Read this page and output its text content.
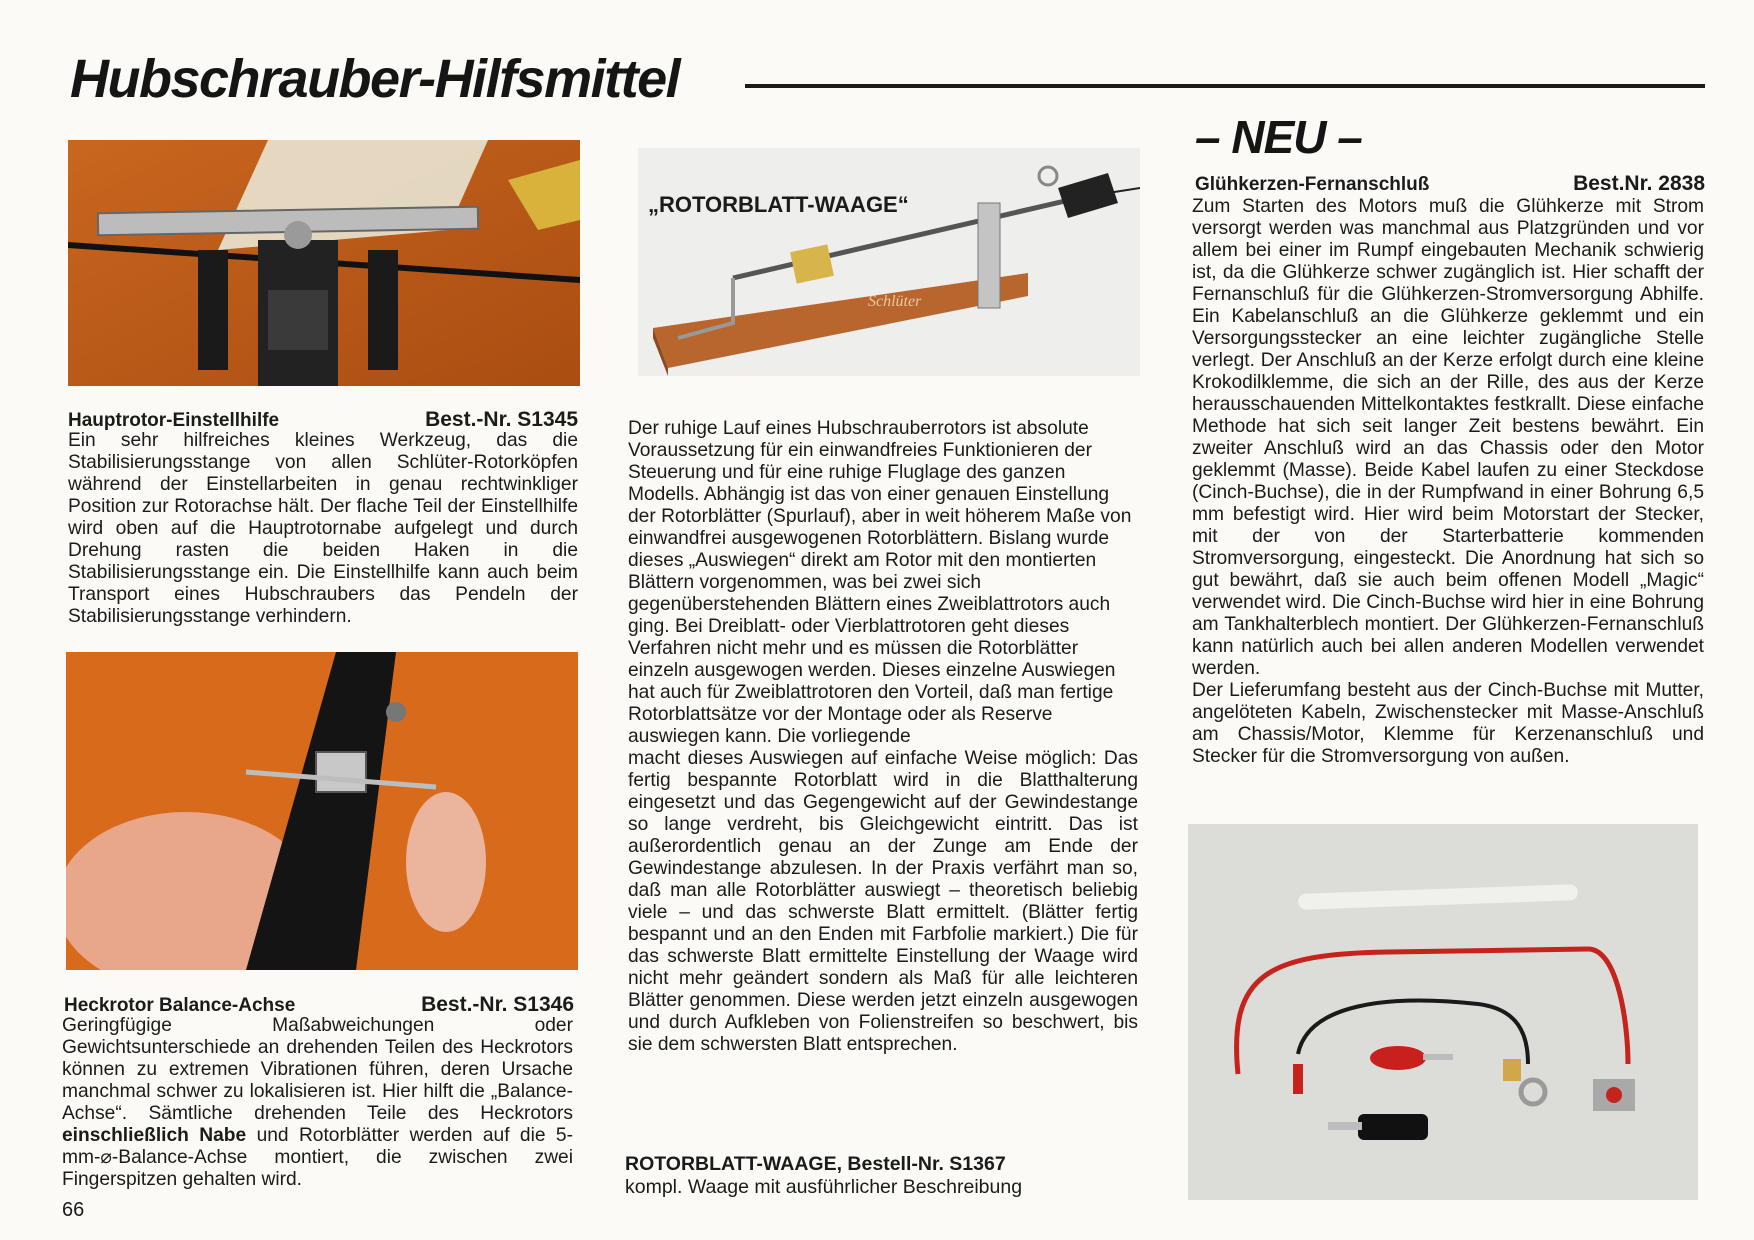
Hubschrauber-Hilfsmittel
Hauptrotor-Einstellhilfe	Best.-Nr. S1345
Ein sehr hilfreiches kleines Werkzeug, das die Stabilisierungsstange von allen Schlüter-Rotorköpfen während der Einstellarbeiten in genau rechtwinkliger Position zur Rotorachse hält. Der flache Teil der Einstellhilfe wird oben auf die Hauptrotornabe aufgelegt und durch Drehung rasten die beiden Haken in die Stabilisierungsstange ein. Die Einstellhilfe kann auch beim Transport eines Hubschraubers das Pendeln der Stabilisierungsstange verhindern.
Heckrotor Balance-Achse	Best.-Nr. S1346
Geringfügige Maßabweichungen oder Gewichtsunterschiede an drehenden Teilen des Heckrotors können zu extremen Vibrationen führen, deren Ursache manchmal schwer zu lokalisieren ist. Hier hilft die „Balance-Achse“. Sämtliche drehenden Teile des Heckrotors einschließlich Nabe und Rotorblätter werden auf die 5-mm-⌀-Balance-Achse montiert, die zwischen zwei Fingerspitzen gehalten wird.
66
Schlüter
„ROTORBLATT-WAAGE“

Der ruhige Lauf eines Hubschrauberrotors ist absolute Voraussetzung für ein einwandfreies Funktionieren der Steuerung und für eine ruhige Fluglage des ganzen Modells. Abhängig ist das von einer genauen Einstellung der Rotorblätter (Spurlauf), aber in weit höherem Maße von einwandfrei ausgewogenen Rotorblättern. Bislang wurde dieses „Auswiegen“ direkt am Rotor mit den montierten Blättern vorgenommen, was bei zwei sich gegenüberstehenden Blättern eines Zweiblattrotors auch ging. Bei Dreiblatt- oder Vierblattrotoren geht dieses Verfahren nicht mehr und es müssen die Rotorblätter einzeln ausgewogen werden. Dieses einzelne Auswiegen hat auch für Zweiblattrotoren den Vorteil, daß man fertige Rotorblattsätze vor der Montage oder als Reserve auswiegen kann. Die vorliegende

macht dieses Auswiegen auf einfache Weise möglich: Das fertig bespannte Rotorblatt wird in die Blatthalterung eingesetzt und das Gegengewicht auf der Gewindestange so lange verdreht, bis Gleichgewicht eintritt. Das ist außerordentlich genau an der Zunge am Ende der Gewindestange abzulesen. In der Praxis verfährt man so, daß man alle Rotorblätter auswiegt – theoretisch beliebig viele – und das schwerste Blatt ermittelt. (Blätter fertig bespannt und an den Enden mit Farbfolie markiert.) Die für das schwerste Blatt ermittelte Einstellung der Waage wird nicht mehr geändert sondern als Maß für alle leichteren Blätter genommen. Diese werden jetzt einzeln ausgewogen und durch Aufkleben von Folienstreifen so beschwert, bis sie dem schwersten Blatt entsprechen.

ROTORBLATT-WAAGE, Bestell-Nr. S1367
kompl. Waage mit ausführlicher Beschreibung
– NEU –
Glühkerzen-Fernanschluß	Best.Nr. 2838

Zum Starten des Motors muß die Glühkerze mit Strom versorgt werden was manchmal aus Platzgründen und vor allem bei einer im Rumpf eingebauten Mechanik schwierig ist, da die Glühkerze schwer zugänglich ist. Hier schafft der Fernanschluß für die Glühkerzen-Stromversorgung Abhilfe. Ein Kabelanschluß an die Glühkerze geklemmt und ein Versorgungsstecker an eine leichter zugängliche Stelle verlegt. Der Anschluß an der Kerze erfolgt durch eine kleine Krokodilklemme, die sich an der Rille, des aus der Kerze herausschauenden Mittelkontaktes festkrallt. Diese einfache Methode hat sich seit langer Zeit bestens bewährt. Ein zweiter Anschluß wird an das Chassis oder den Motor geklemmt (Masse). Beide Kabel laufen zu einer Steckdose (Cinch-Buchse), die in der Rumpfwand in einer Bohrung 6,5 mm befestigt wird. Hier wird beim Motorstart der Stecker, mit der von der Starterbatterie kommenden Stromversorgung, eingesteckt. Die Anordnung hat sich so gut bewährt, daß sie auch beim offenen Modell „Magic“ verwendet wird. Die Cinch-Buchse wird hier in eine Bohrung am Tankhalterblech montiert. Der Glühkerzen-Fernanschluß kann natürlich auch bei allen anderen Modellen verwendet werden.

Der Lieferumfang besteht aus der Cinch-Buchse mit Mutter, angelöteten Kabeln, Zwischenstecker mit Masse-Anschluß am Chassis/Motor, Klemme für Kerzenanschluß und Stecker für die Stromversorgung von außen.
